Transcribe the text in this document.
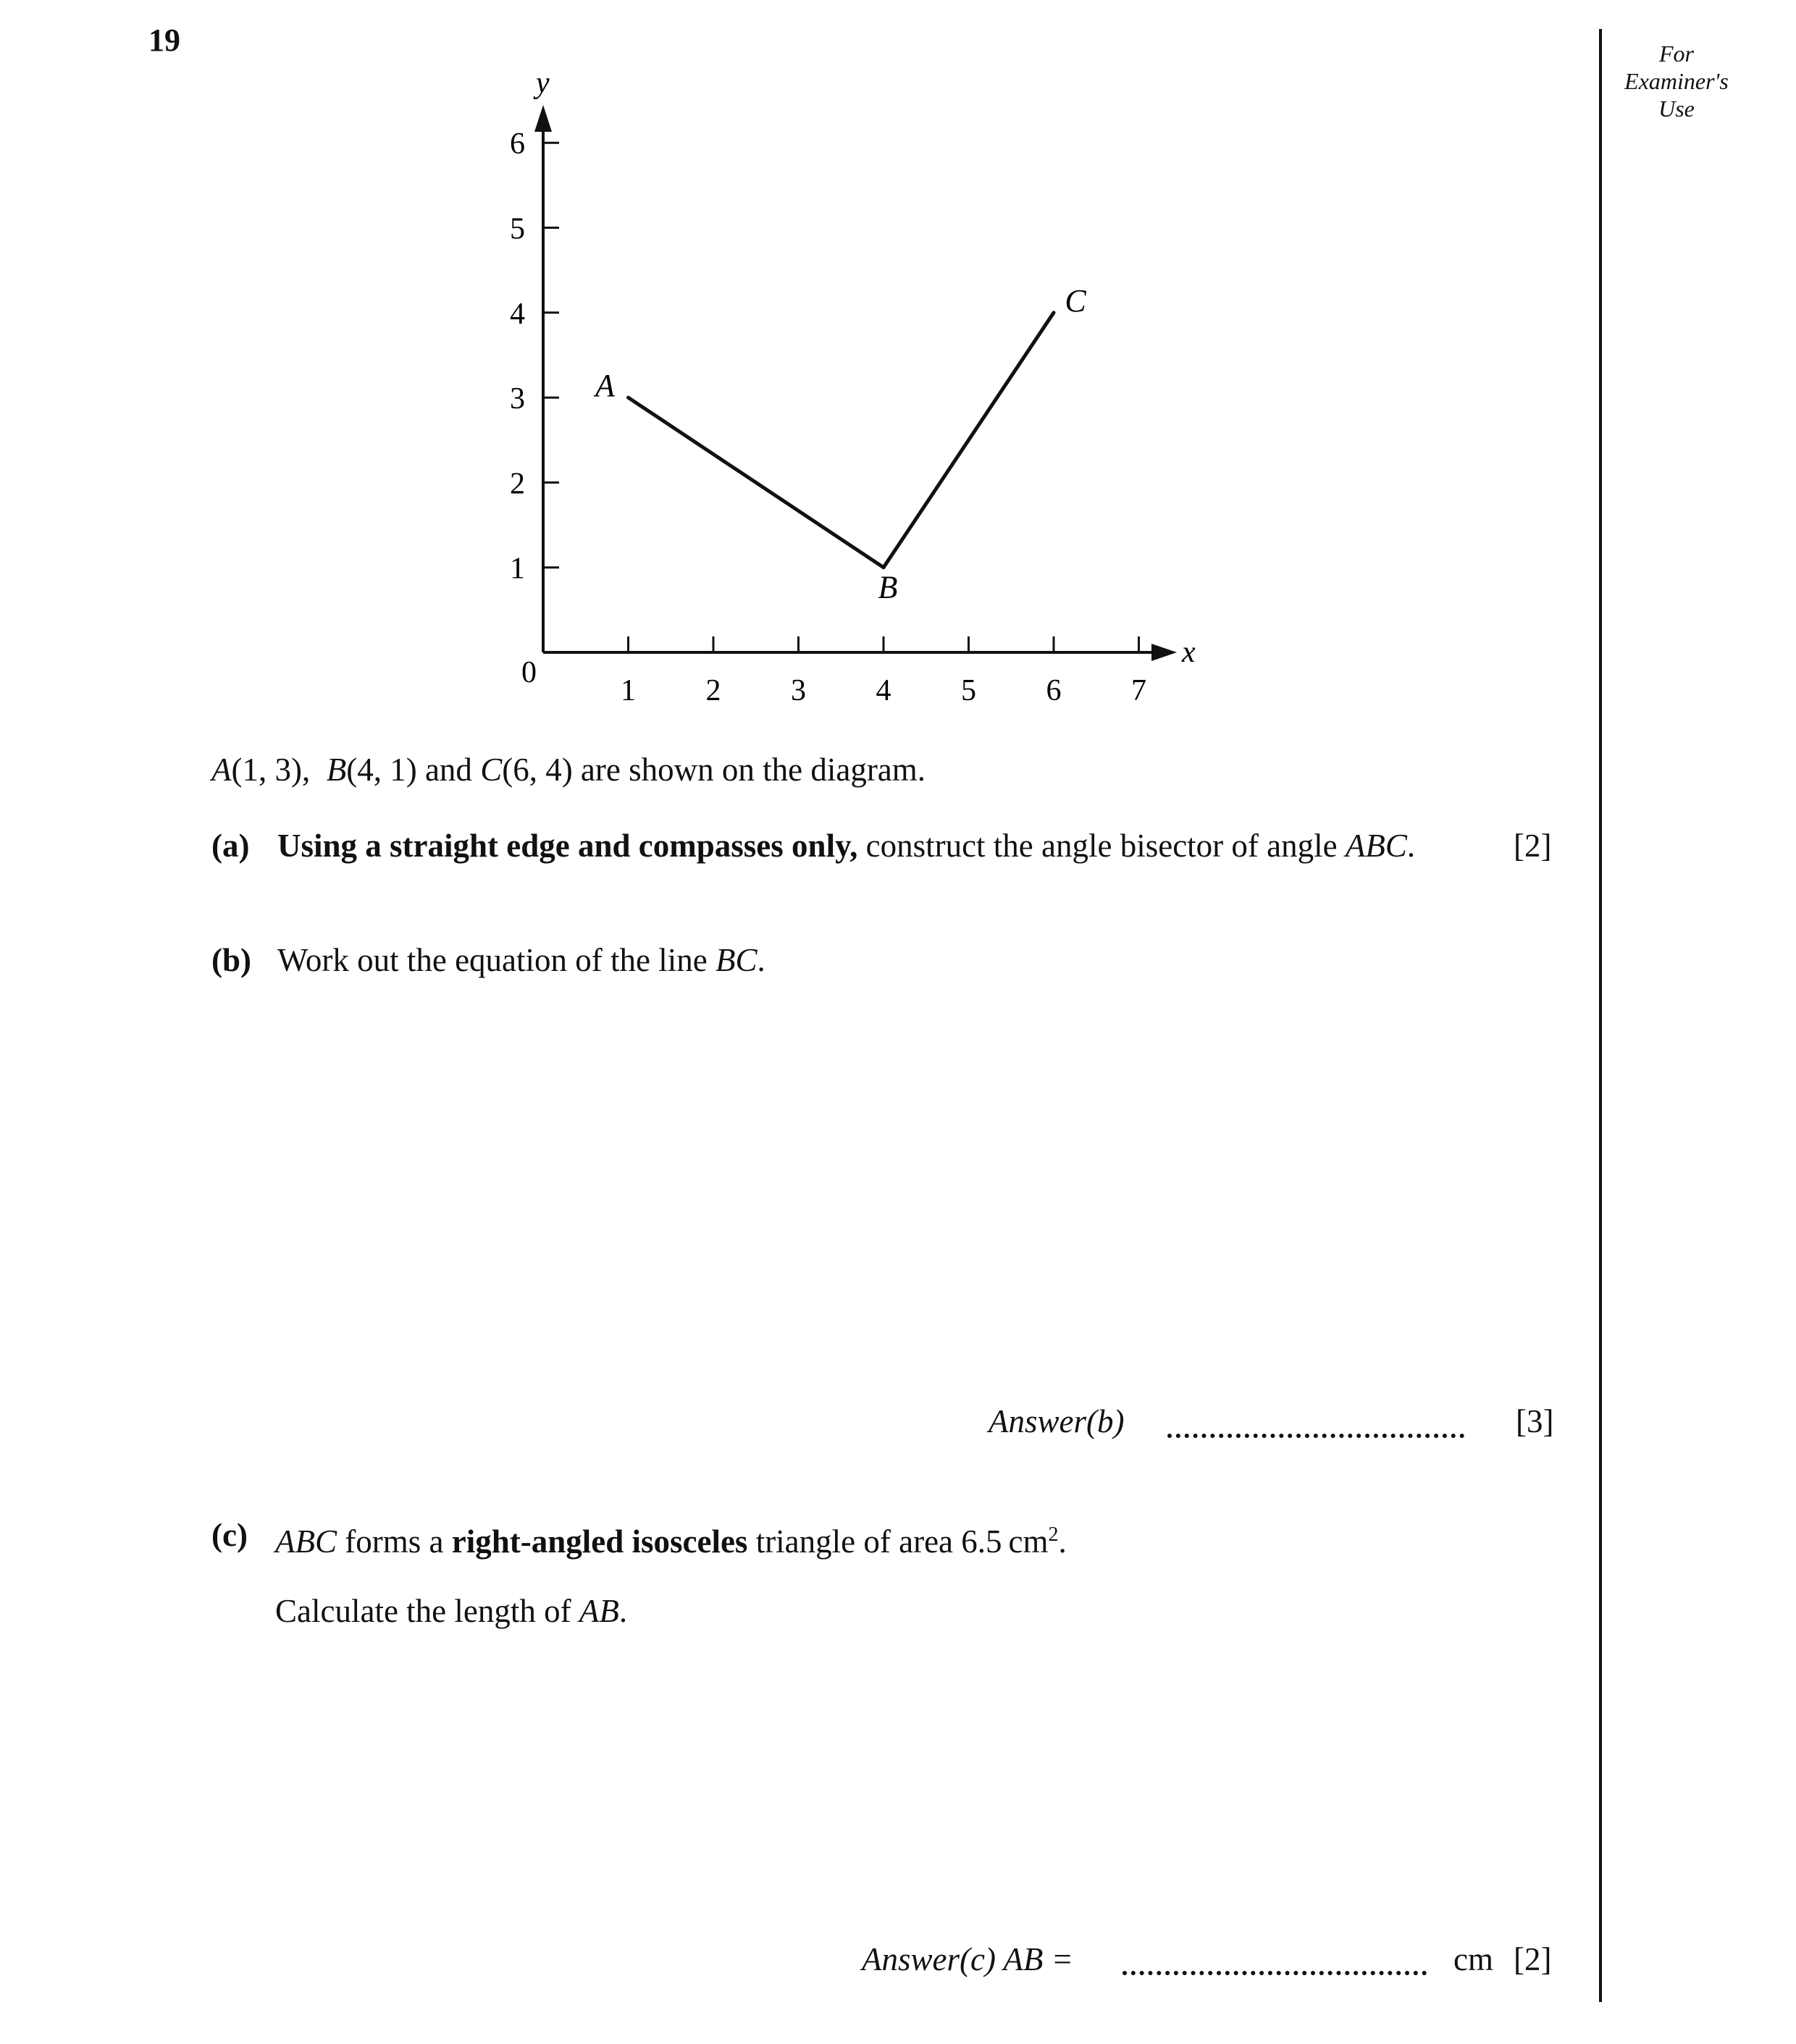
19	For
Examiner's
Use
x
y
0
1 2 3 4 5 6 7
1
2
3
4
5
6
A
B
C
A(1, 3), B(4, 1) and C(6, 4) are shown on the diagram.
(a) Using a straight edge and compasses only, construct the angle bisector of angle ABC.	[2]
(b) Work out the equation of the line BC.
Answer(b)	[3]
(c) ABC forms a right-angled isosceles triangle of area 6.5 $cm^2$.
Calculate the length of AB.
Answer(c) AB =	cm [2]
